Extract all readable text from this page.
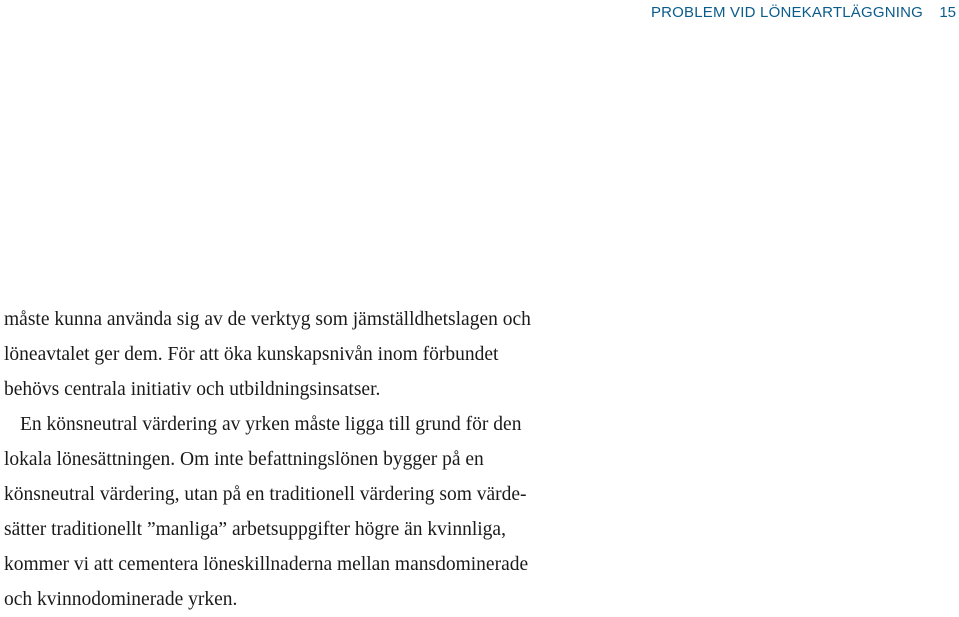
PROBLEM VID LÖNEKARTLÄGGNING 15
måste kunna använda sig av de verktyg som jämställdhetslagen och
löneavtalet ger dem. För att öka kunskapsnivån inom förbundet
behövs centrala initiativ och utbildningsinsatser.
En könsneutral värdering av yrken måste ligga till grund för den
lokala lönesättningen. Om inte befattningslönen bygger på en
könsneutral värdering, utan på en traditionell värdering som värde-
sätter traditionellt ”manliga” arbetsuppgifter högre än kvinnliga,
kommer vi att cementera löneskillnaderna mellan mansdominerade
och kvinnodominerade yrken.
